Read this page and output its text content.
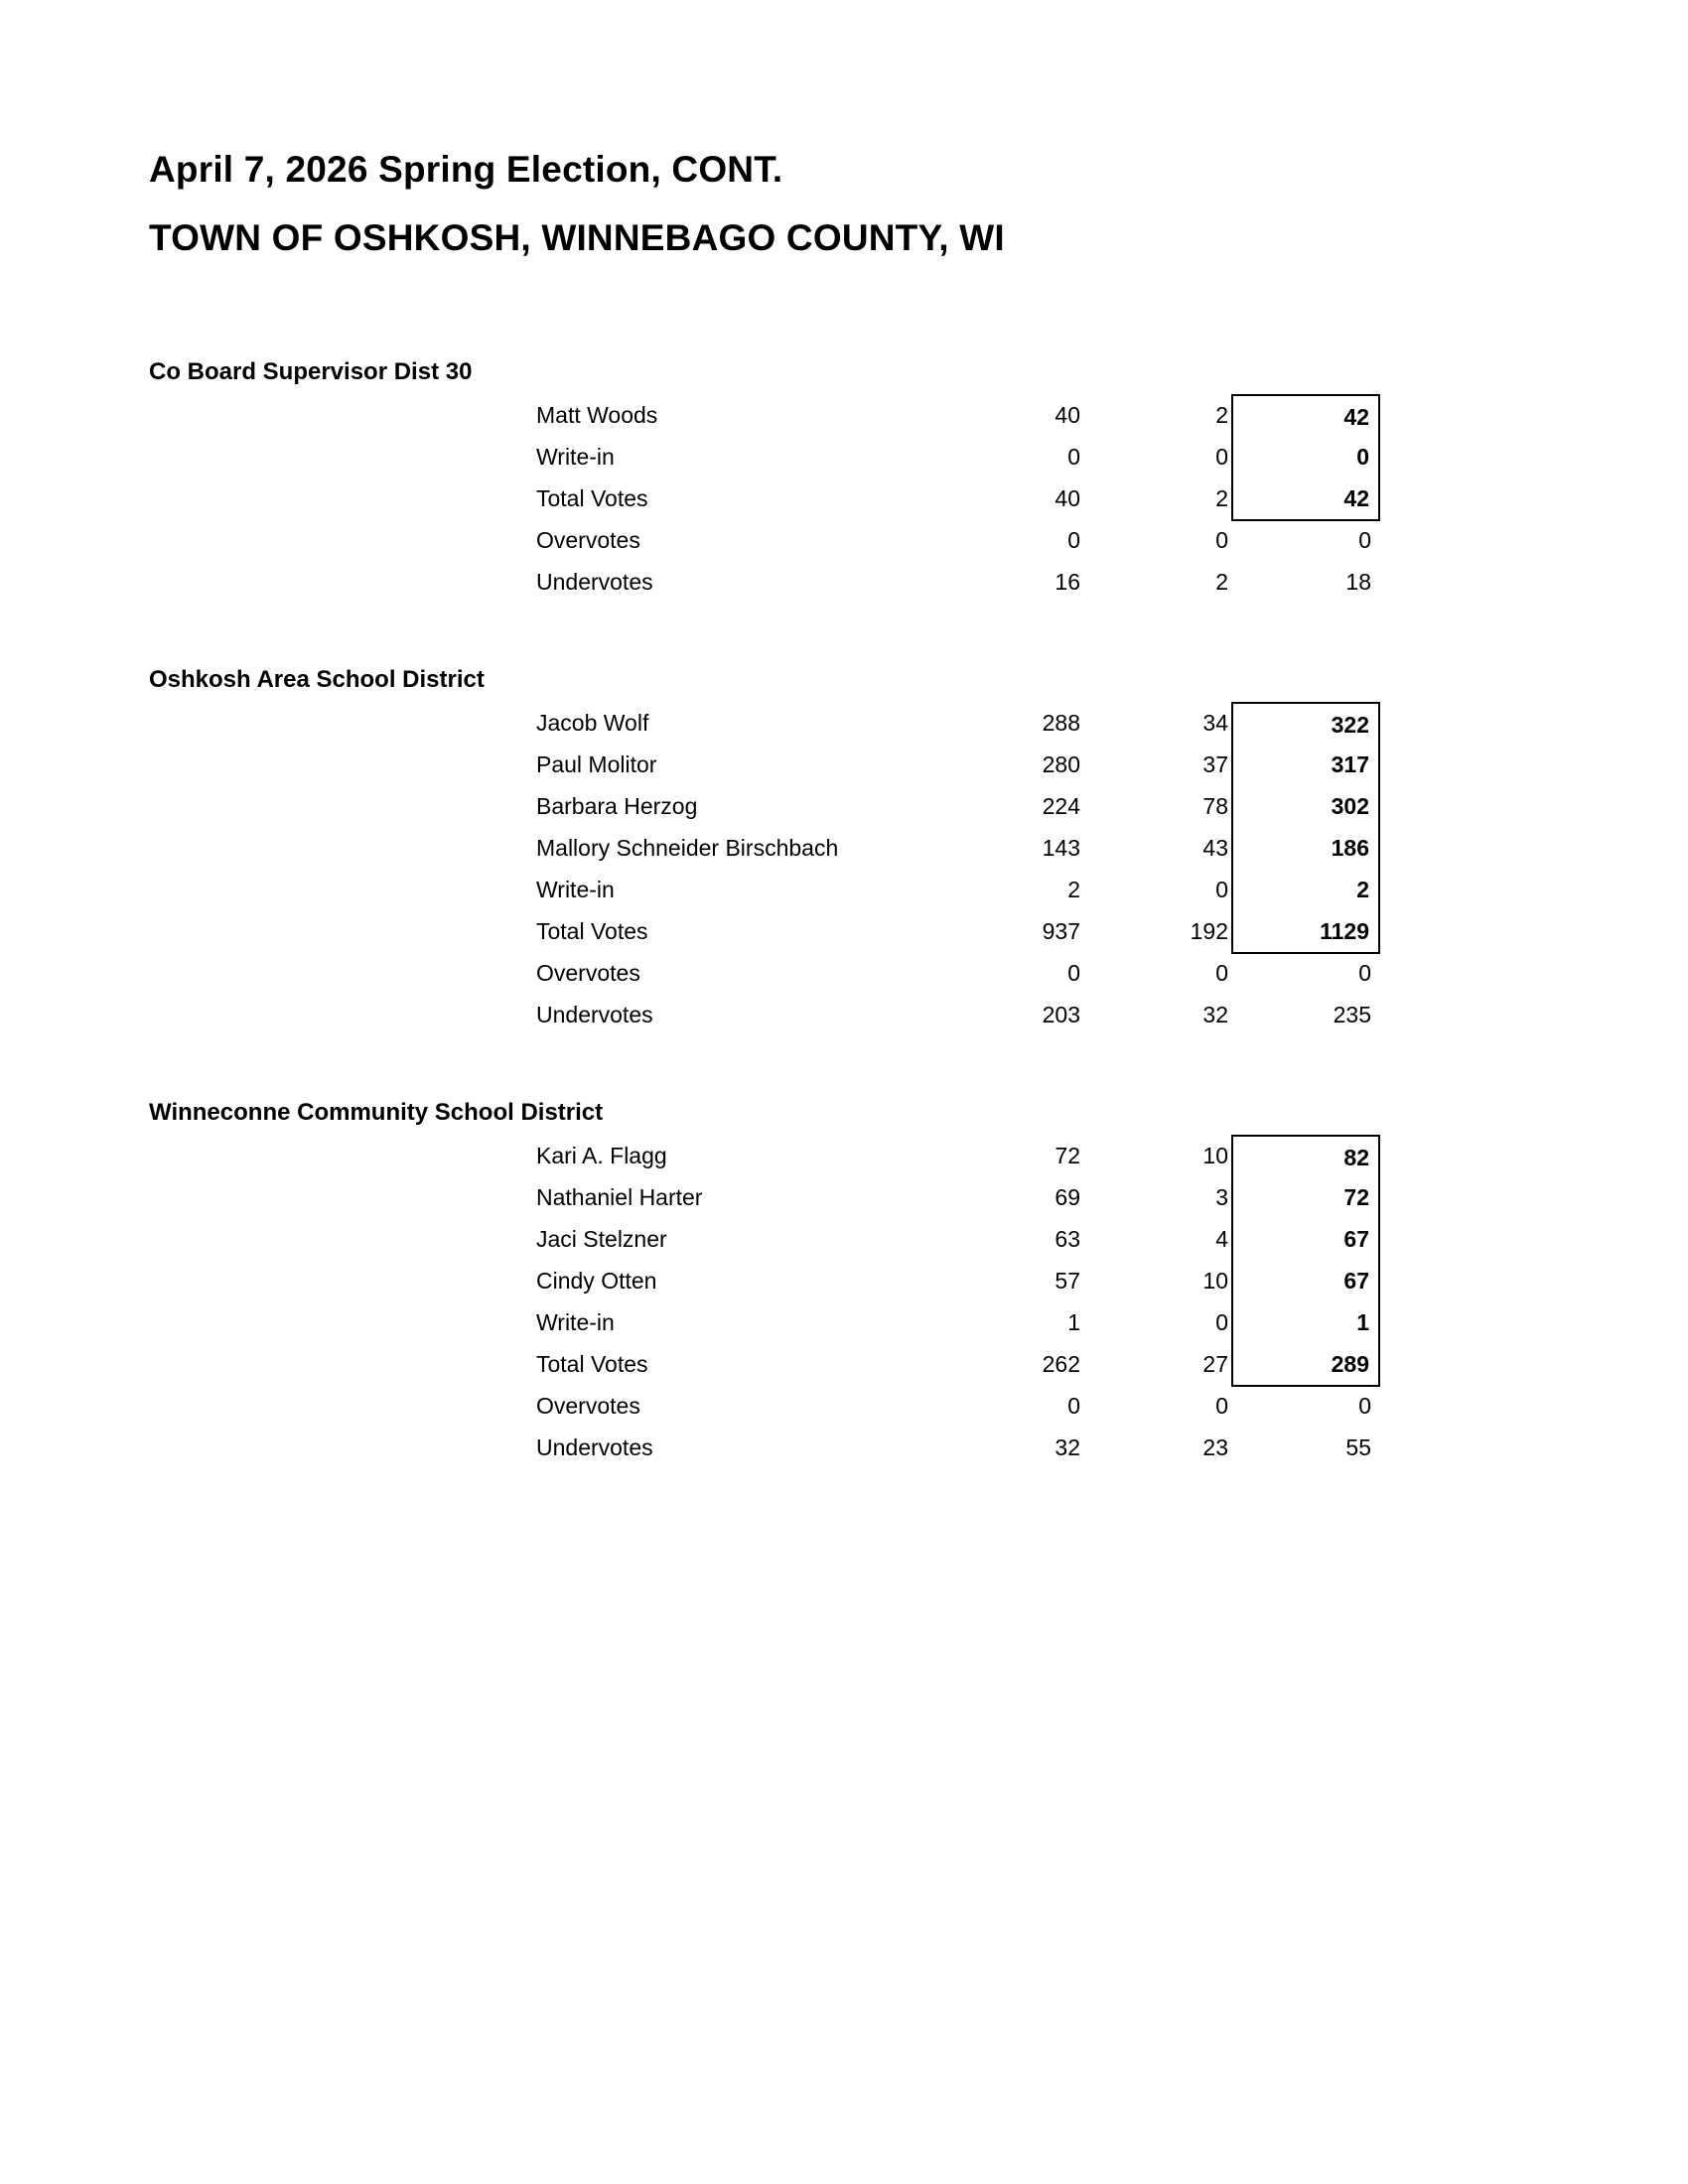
April 7, 2026 Spring Election, CONT.
TOWN OF OSHKOSH, WINNEBAGO COUNTY, WI
Co Board Supervisor Dist 30
Matt Woods	40	2	42
Write-in	0	0	0
Total Votes	40	2	42
Overvotes	0	0	0
Undervotes	16	2	18
Oshkosh Area School District
Jacob Wolf	288	34	322
Paul Molitor	280	37	317
Barbara Herzog	224	78	302
Mallory Schneider Birschbach	143	43	186
Write-in	2	0	2
Total Votes	937	192	1129
Overvotes	0	0	0
Undervotes	203	32	235
Winneconne Community School District
Kari A. Flagg	72	10	82
Nathaniel Harter	69	3	72
Jaci Stelzner	63	4	67
Cindy Otten	57	10	67
Write-in	1	0	1
Total Votes	262	27	289
Overvotes	0	0	0
Undervotes	32	23	55
